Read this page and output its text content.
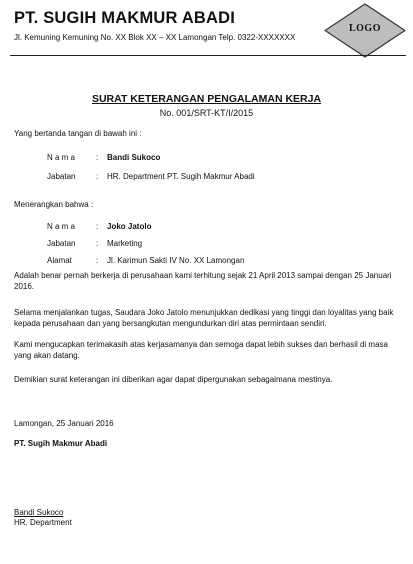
PT. SUGIH MAKMUR ABADI
Jl. Kemuning Kemuning No. XX Blok XX – XX Lamongan Telp. 0322-XXXXXXX
LOGO
SURAT KETERANGAN PENGALAMAN KERJA
No. 001/SRT-KT/I/2015
Yang bertanda tangan di bawah ini :
N a m a	: Bandi Sukoco
Jabatan	: HR. Department PT. Sugih Makmur Abadi
Menerangkan bahwa :
N a m a	: Joko Jatolo
Jabatan	: Marketing
Alamat	: Jl. Karimun Sakti IV No. XX Lamongan
Adalah benar pernah berkerja di perusahaan kami terhitung sejak 21 April 2013 sampai dengan 25 Januari 2016.
Selama menjalankan tugas, Saudara Joko Jatolo menunjukkan dedikasi yang tinggi dan loyalitas yang baik kepada perusahaan dan yang bersangkutan mengundurkan diri atas permintaan sendiri.
Kami mengucapkan terimakasih atas kerjasamanya dan semoga dapat lebih sukses dan berhasil di masa yang akan datang.
Demikian surat keterangan ini diberikan agar dapat dipergunakan sebagaimana mestinya.
Lamongan, 25 Januari 2016
PT. Sugih Makmur Abadi
Bandi Sukoco
HR. Department
